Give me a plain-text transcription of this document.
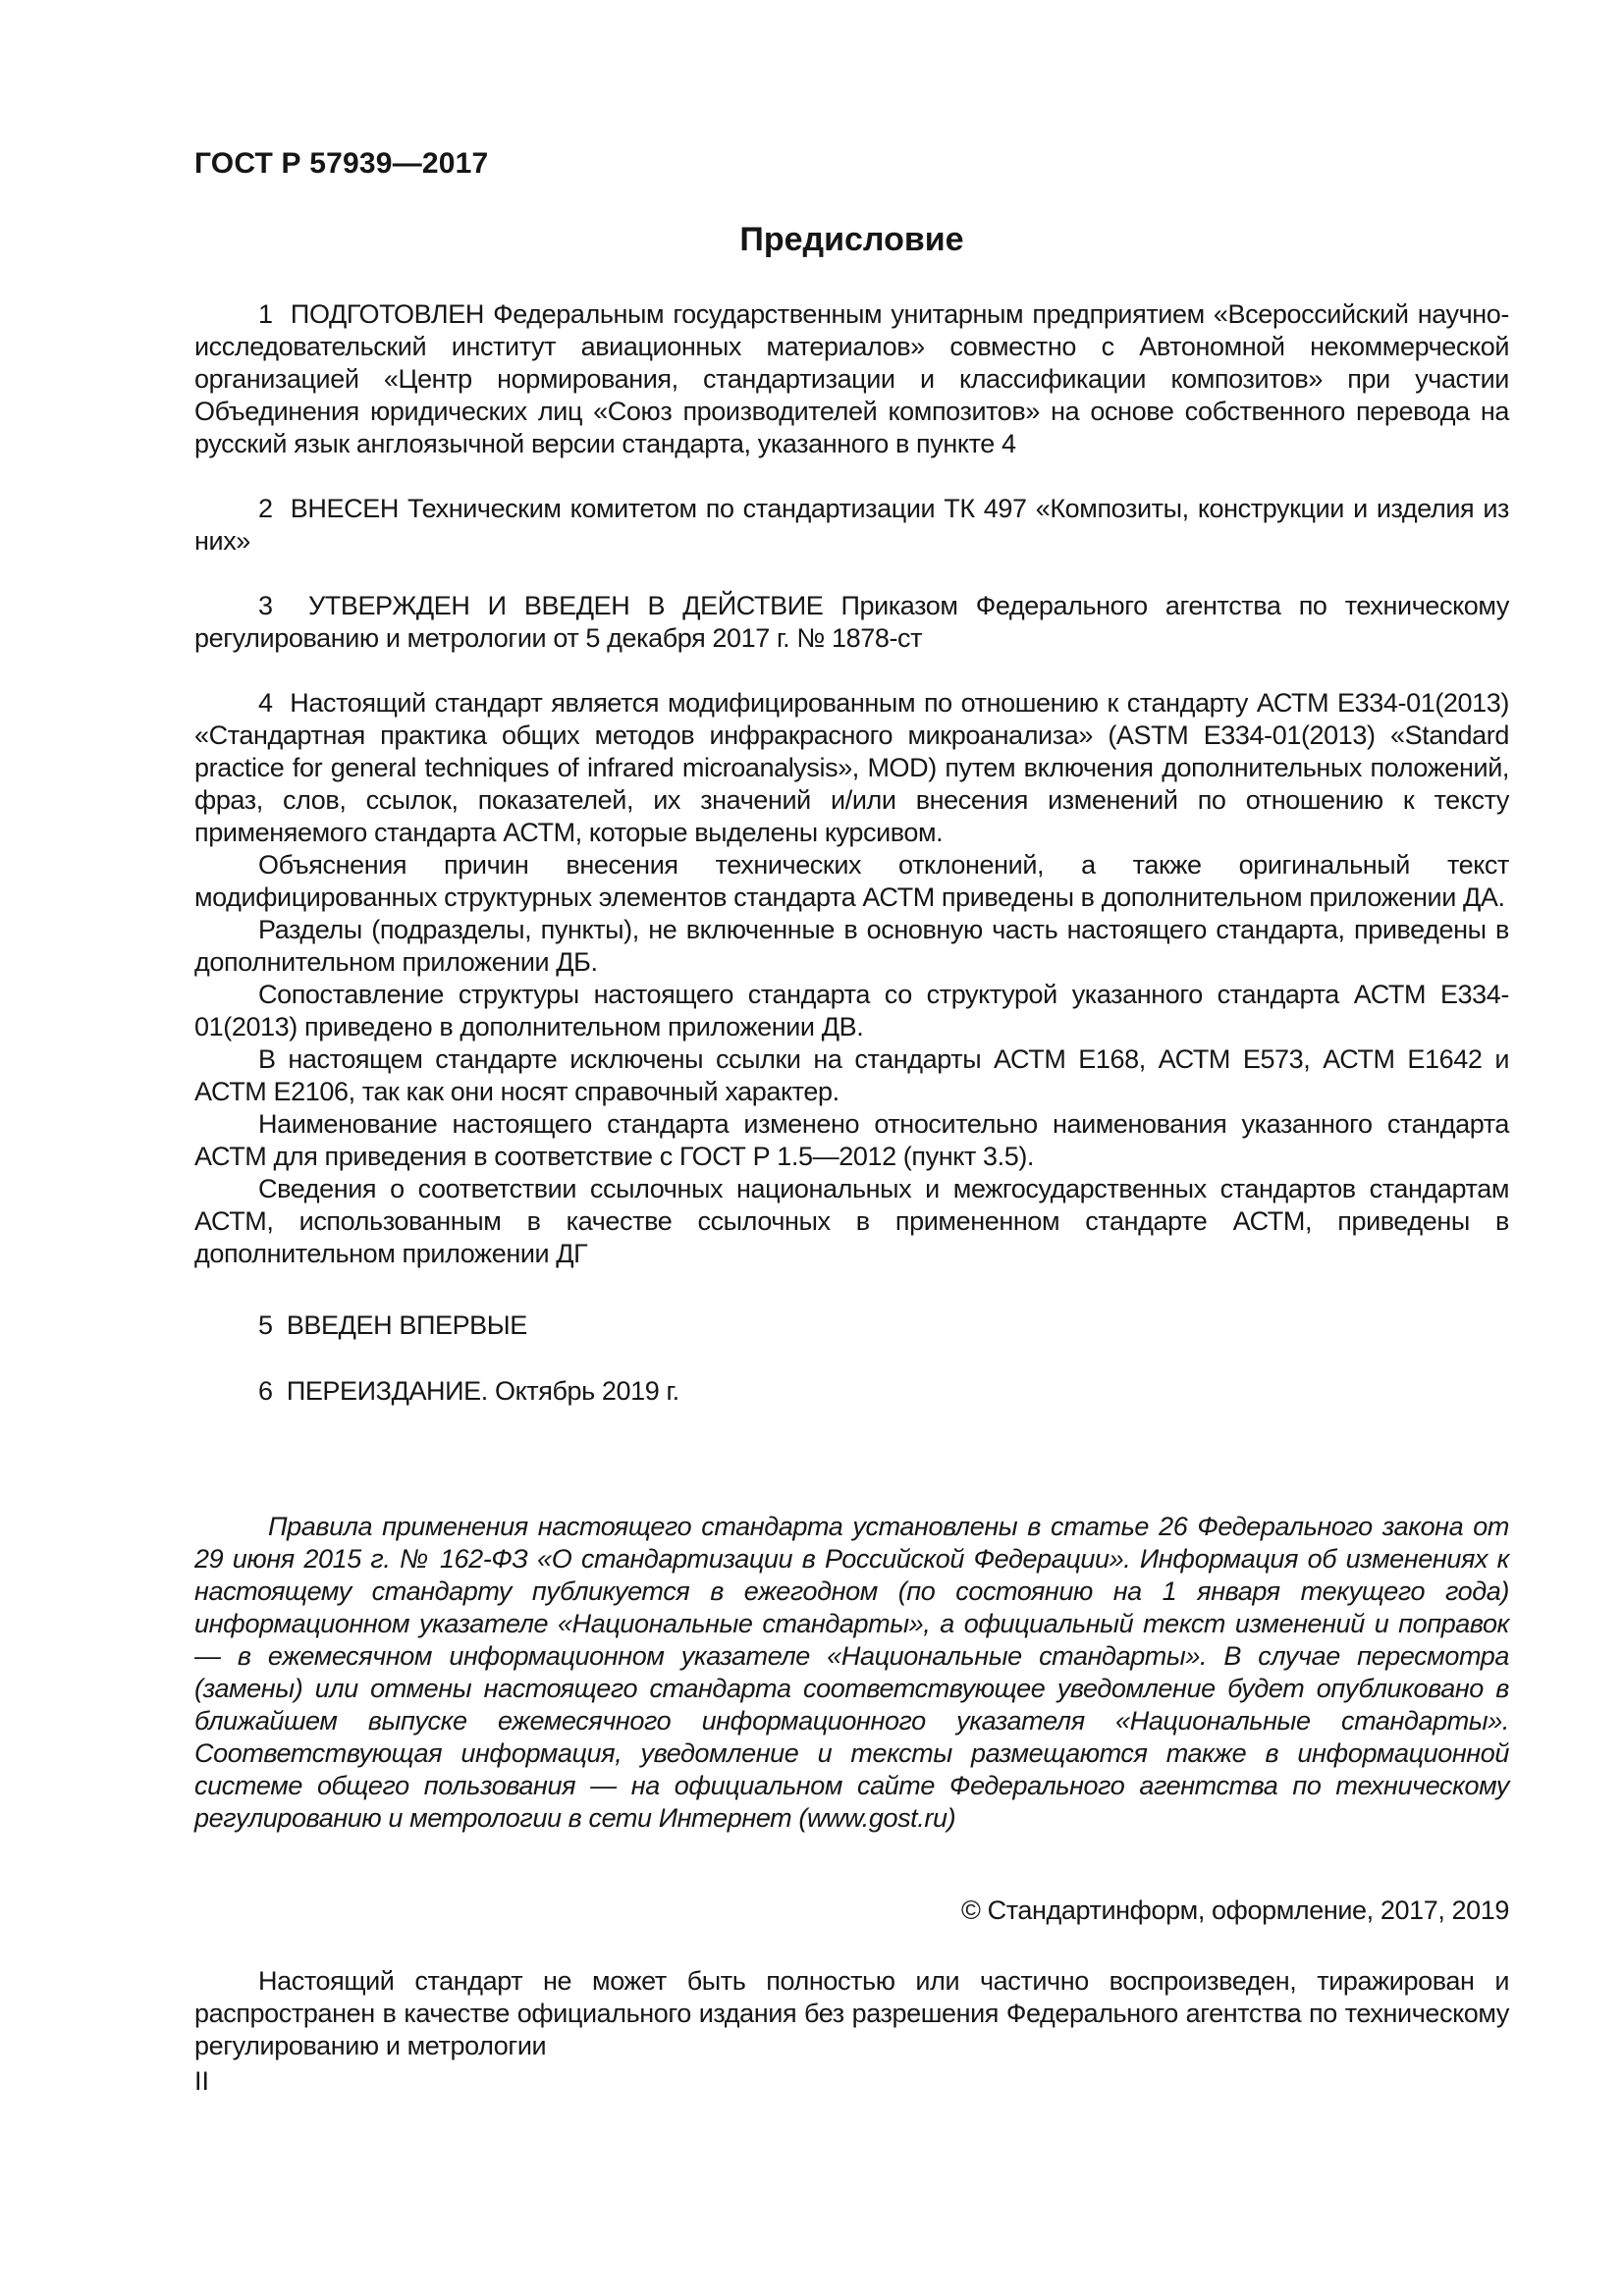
ГОСТ Р 57939—2017
Предисловие

1  ПОДГОТОВЛЕН Федеральным государственным унитарным предприятием «Всероссийский научно-исследовательский институт авиационных материалов» совместно с Автономной некоммерческой организацией «Центр нормирования, стандартизации и классификации композитов» при участии Объединения юридических лиц «Союз производителей композитов» на основе собственного перевода на русский язык англоязычной версии стандарта, указанного в пункте 4

2  ВНЕСЕН Техническим комитетом по стандартизации ТК 497 «Композиты, конструкции и изделия из них»

3  УТВЕРЖДЕН И ВВЕДЕН В ДЕЙСТВИЕ Приказом Федерального агентства по техническому регулированию и метрологии от 5 декабря 2017 г. № 1878-ст

4  Настоящий стандарт является модифицированным по отношению к стандарту АСТМ Е334-01(2013) «Стандартная практика общих методов инфракрасного микроанализа» (ASTM E334-01(2013) «Standard practice for general techniques of infrared microanalysis», MOD) путем включения дополнительных положений, фраз, слов, ссылок, показателей, их значений и/или внесения изменений по отношению к тексту применяемого стандарта АСТМ, которые выделены курсивом.

Объяснения причин внесения технических отклонений, а также оригинальный текст модифицированных структурных элементов стандарта АСТМ приведены в дополнительном приложении ДА.

Разделы (подразделы, пункты), не включенные в основную часть настоящего стандарта, приведены в дополнительном приложении ДБ.

Сопоставление структуры настоящего стандарта со структурой указанного стандарта АСТМ Е334-01(2013) приведено в дополнительном приложении ДВ.

В настоящем стандарте исключены ссылки на стандарты АСТМ Е168, АСТМ Е573, АСТМ Е1642 и АСТМ Е2106, так как они носят справочный характер.

Наименование настоящего стандарта изменено относительно наименования указанного стандарта АСТМ для приведения в соответствие с ГОСТ Р 1.5—2012 (пункт 3.5).

Сведения о соответствии ссылочных национальных и межгосударственных стандартов стандартам АСТМ, использованным в качестве ссылочных в примененном стандарте АСТМ, приведены в дополнительном приложении ДГ

5  ВВЕДЕН ВПЕРВЫЕ

6  ПЕРЕИЗДАНИЕ. Октябрь 2019 г.

Правила применения настоящего стандарта установлены в статье 26 Федерального закона от 29 июня 2015 г. № 162-ФЗ «О стандартизации в Российской Федерации». Информация об изменениях к настоящему стандарту публикуется в ежегодном (по состоянию на 1 января текущего года) информационном указателе «Национальные стандарты», а официальный текст изменений и поправок — в ежемесячном информационном указателе «Национальные стандарты». В случае пересмотра (замены) или отмены настоящего стандарта соответствующее уведомление будет опубликовано в ближайшем выпуске ежемесячного информационного указателя «Национальные стандарты». Соответствующая информация, уведомление и тексты размещаются также в информационной системе общего пользования — на официальном сайте Федерального агентства по техническому регулированию и метрологии в сети Интернет (www.gost.ru)

© Стандартинформ, оформление, 2017, 2019

Настоящий стандарт не может быть полностью или частично воспроизведен, тиражирован и распространен в качестве официального издания без разрешения Федерального агентства по техническому регулированию и метрологии

II
